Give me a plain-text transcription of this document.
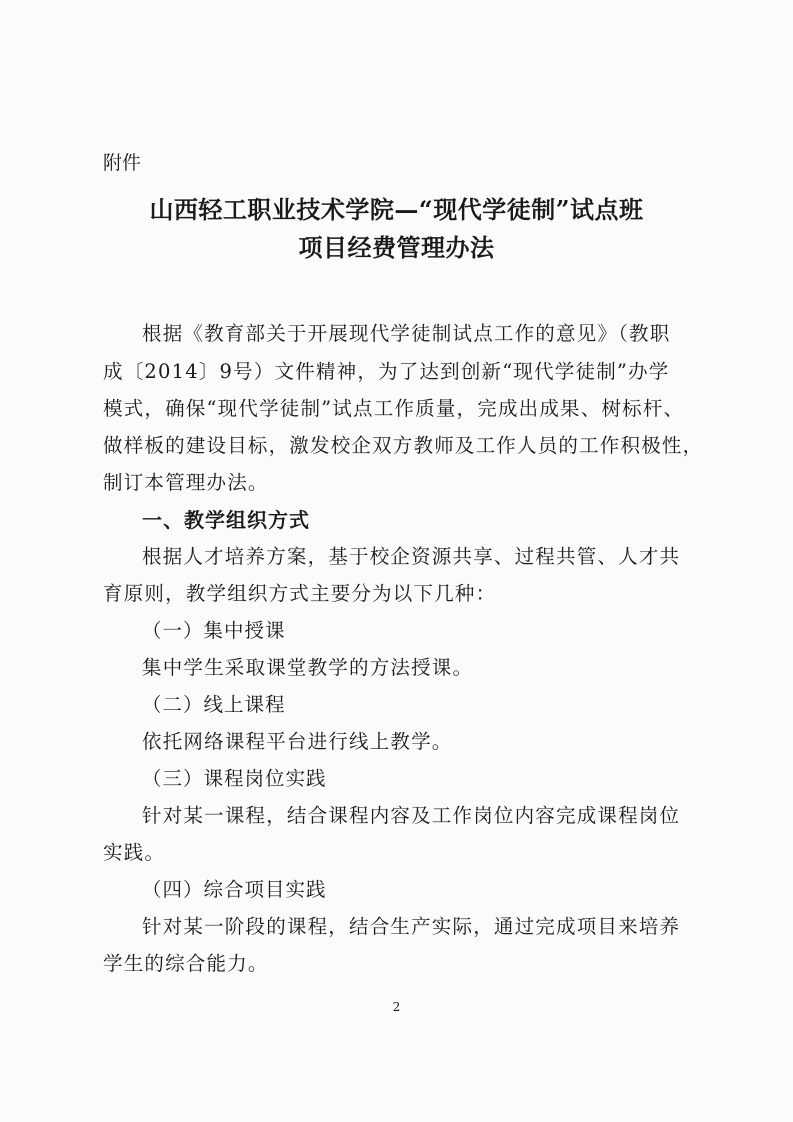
附件
山西轻工职业技术学院—“现代学徒制”试点班
项目经费管理办法
根据《教育部关于开展现代学徒制试点工作的意见》（教职
成〔2014〕9号）文件精神，为了达到创新“现代学徒制”办学
模式，确保“现代学徒制”试点工作质量，完成出成果、树标杆、
做样板的建设目标，激发校企双方教师及工作人员的工作积极性，
制订本管理办法。
一、教学组织方式
根据人才培养方案，基于校企资源共享、过程共管、人才共
育原则，教学组织方式主要分为以下几种：
（一）集中授课
集中学生采取课堂教学的方法授课。
（二）线上课程
依托网络课程平台进行线上教学。
（三）课程岗位实践
针对某一课程，结合课程内容及工作岗位内容完成课程岗位
实践。
（四）综合项目实践
针对某一阶段的课程，结合生产实际，通过完成项目来培养
学生的综合能力。
2
